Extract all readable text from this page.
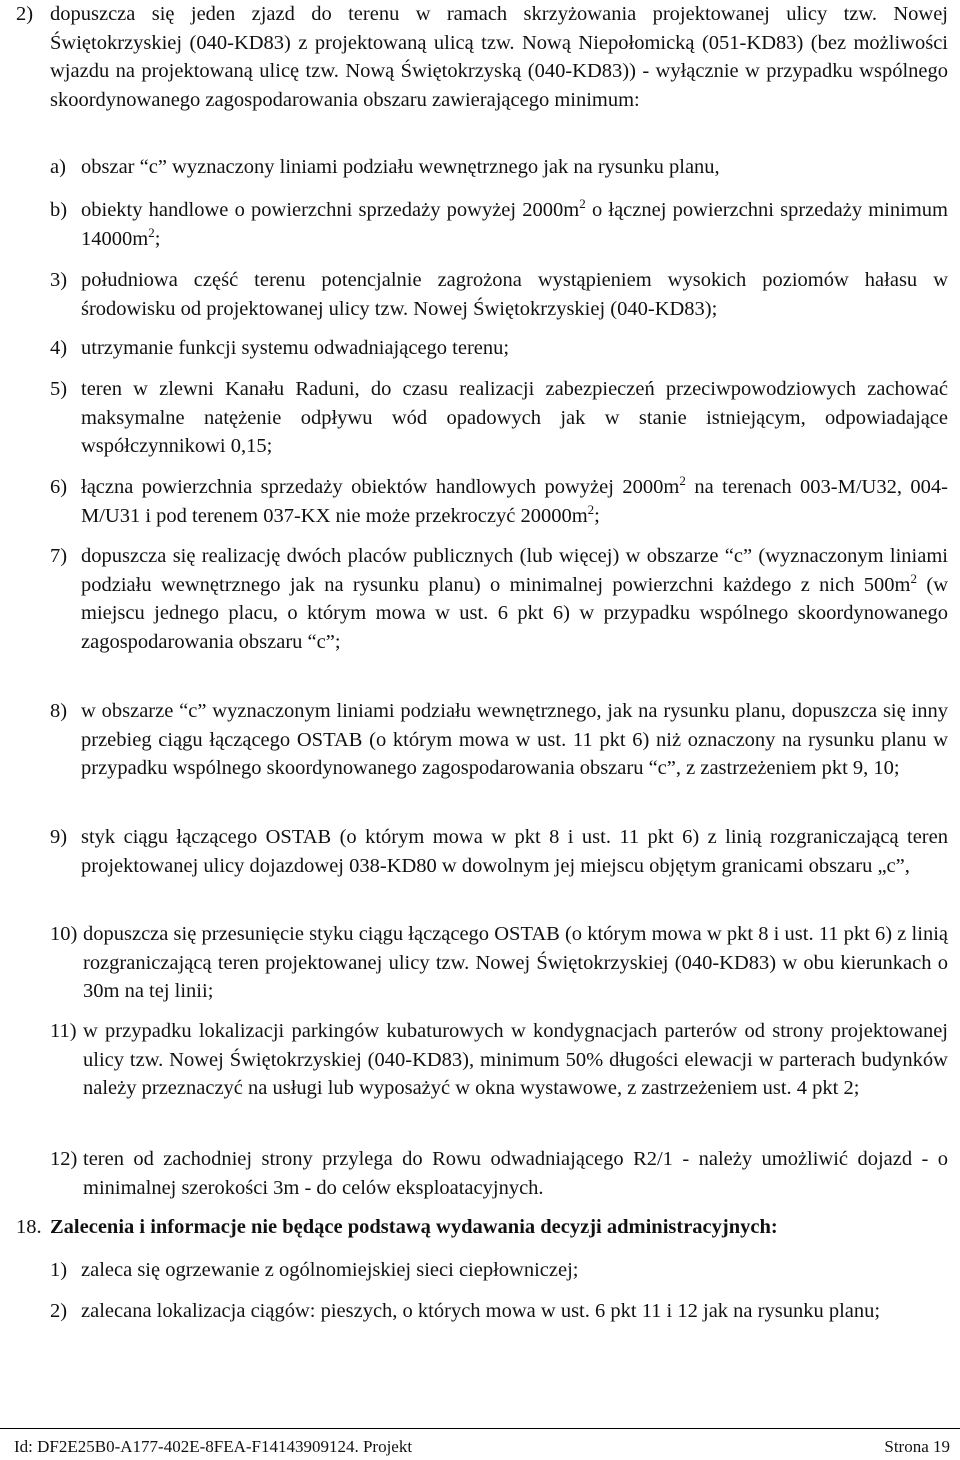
2) dopuszcza się jeden zjazd do terenu w ramach skrzyżowania projektowanej ulicy tzw. Nowej Świętokrzyskiej (040-KD83) z projektowaną ulicą tzw. Nową Niepołomicką (051-KD83) (bez możliwości wjazdu na projektowaną ulicę tzw. Nową Świętokrzyską (040-KD83)) - wyłącznie w przypadku wspólnego skoordynowanego zagospodarowania obszaru zawierającego minimum:
a) obszar “c” wyznaczony liniami podziału wewnętrznego jak na rysunku planu,
b) obiekty handlowe o powierzchni sprzedaży powyżej $2000m^2$ o łącznej powierzchni sprzedaży minimum $14000m^2$;
3) południowa część terenu potencjalnie zagrożona wystąpieniem wysokich poziomów hałasu w środowisku od projektowanej ulicy tzw. Nowej Świętokrzyskiej (040-KD83);
4) utrzymanie funkcji systemu odwadniającego terenu;
5) teren w zlewni Kanału Raduni, do czasu realizacji zabezpieczeń przeciwpowodziowych zachować maksymalne natężenie odpływu wód opadowych jak w stanie istniejącym, odpowiadające współczynnikowi 0,15;
6) łączna powierzchnia sprzedaży obiektów handlowych powyżej $2000m^2$ na terenach 003-M/U32, 004-M/U31 i pod terenem 037-KX nie może przekroczyć $20000m^2$;
7) dopuszcza się realizację dwóch placów publicznych (lub więcej) w obszarze “c” (wyznaczonym liniami podziału wewnętrznego jak na rysunku planu) o minimalnej powierzchni każdego z nich $500m^2$ (w miejscu jednego placu, o którym mowa w ust. 6 pkt 6) w przypadku wspólnego skoordynowanego zagospodarowania obszaru “c”;
8) w obszarze “c” wyznaczonym liniami podziału wewnętrznego, jak na rysunku planu, dopuszcza się inny przebieg ciągu łączącego OSTAB (o którym mowa w ust. 11 pkt 6) niż oznaczony na rysunku planu w przypadku wspólnego skoordynowanego zagospodarowania obszaru “c”, z zastrzeżeniem pkt 9, 10;
9) styk ciągu łączącego OSTAB (o którym mowa w pkt 8 i ust. 11 pkt 6) z linią rozgraniczającą teren projektowanej ulicy dojazdowej 038-KD80 w dowolnym jej miejscu objętym granicami obszaru „c”,
10) dopuszcza się przesunięcie styku ciągu łączącego OSTAB (o którym mowa w pkt 8 i ust. 11 pkt 6) z linią rozgraniczającą teren projektowanej ulicy tzw. Nowej Świętokrzyskiej (040-KD83) w obu kierunkach o 30m na tej linii;
11) w przypadku lokalizacji parkingów kubaturowych w kondygnacjach parterów od strony projektowanej ulicy tzw. Nowej Świętokrzyskiej (040-KD83), minimum 50% długości elewacji w parterach budynków należy przeznaczyć na usługi lub wyposażyć w okna wystawowe, z zastrzeżeniem ust. 4 pkt 2;
12) teren od zachodniej strony przylega do Rowu odwadniającego R2/1 - należy umożliwić dojazd - o minimalnej szerokości 3m - do celów eksploatacyjnych.
18. Zalecenia i informacje nie będące podstawą wydawania decyzji administracyjnych:
1) zaleca się ogrzewanie z ogólnomiejskiej sieci ciepłowniczej;
2) zalecana lokalizacja ciągów: pieszych, o których mowa w ust. 6 pkt 11 i 12 jak na rysunku planu;
Id: DF2E25B0-A177-402E-8FEA-F14143909124. Projekt	Strona 19
